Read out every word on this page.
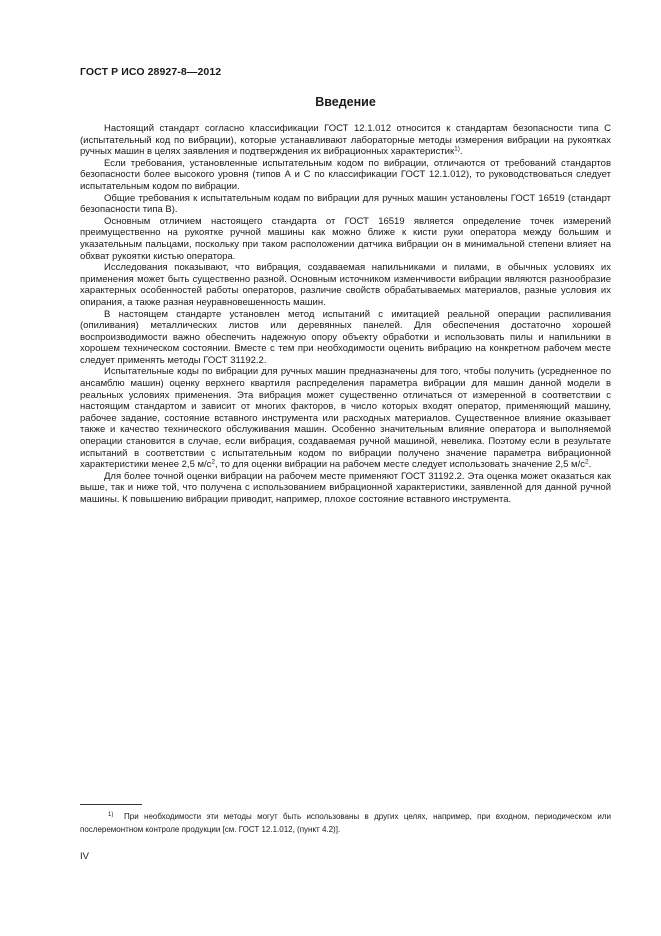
ГОСТ Р ИСО 28927-8—2012
Введение

Настоящий стандарт согласно классификации ГОСТ 12.1.012 относится к стандартам безопасности типа С (испытательный код по вибрации), которые устанавливают лабораторные методы измерения вибрации на рукоятках ручных машин в целях заявления и подтверждения их вибрационных характеристик$^{1)}$.

Если требования, установленные испытательным кодом по вибрации, отличаются от требований стандартов безопасности более высокого уровня (типов А и С по классификации ГОСТ 12.1.012), то руководствоваться следует испытательным кодом по вибрации.

Общие требования к испытательным кодам по вибрации для ручных машин установлены ГОСТ 16519 (стандарт безопасности типа В).

Основным отличием настоящего стандарта от ГОСТ 16519 является определение точек измерений преимущественно на рукоятке ручной машины как можно ближе к кисти руки оператора между большим и указательным пальцами, поскольку при таком расположении датчика вибрации он в минимальной степени влияет на обхват рукоятки кистью оператора.

Исследования показывают, что вибрация, создаваемая напильниками и пилами, в обычных условиях их применения может быть существенно разной. Основным источником изменчивости вибрации являются разнообразие характерных особенностей работы операторов, различие свойств обрабатываемых материалов, разные условия их опирания, а также разная неуравновешенность машин.

В настоящем стандарте установлен метод испытаний с имитацией реальной операции распиливания (опиливания) металлических листов или деревянных панелей. Для обеспечения достаточно хорошей воспроизводимости важно обеспечить надежную опору объекту обработки и использовать пилы и напильники в хорошем техническом состоянии. Вместе с тем при необходимости оценить вибрацию на конкретном рабочем месте следует применять методы ГОСТ 31192.2.

Испытательные коды по вибрации для ручных машин предназначены для того, чтобы получить (усредненное по ансамблю машин) оценку верхнего квартиля распределения параметра вибрации для машин данной модели в реальных условиях применения. Эта вибрация может существенно отличаться от измеренной в соответствии с настоящим стандартом и зависит от многих факторов, в число которых входят оператор, применяющий машину, рабочее задание, состояние вставного инструмента или расходных материалов. Существенное влияние оказывает также и качество технического обслуживания машин. Особенно значительным влияние оператора и выполняемой операции становится в случае, если вибрация, создаваемая ручной машиной, невелика. Поэтому если в результате испытаний в соответствии с испытательным кодом по вибрации получено значение параметра вибрационной характеристики менее 2,5 $м/с^2$, то для оценки вибрации на рабочем месте следует использовать значение 2,5 $м/с^2$.

Для более точной оценки вибрации на рабочем месте применяют ГОСТ 31192.2. Эта оценка может оказаться как выше, так и ниже той, что получена с использованием вибрационной характеристики, заявленной для данной ручной машины. К повышению вибрации приводит, например, плохое состояние вставного инструмента.

$^{1)}$ При необходимости эти методы могут быть использованы в других целях, например, при входном, периодическом или послеремонтном контроле продукции [см. ГОСТ 12.1.012, (пункт 4.2)].
IV
